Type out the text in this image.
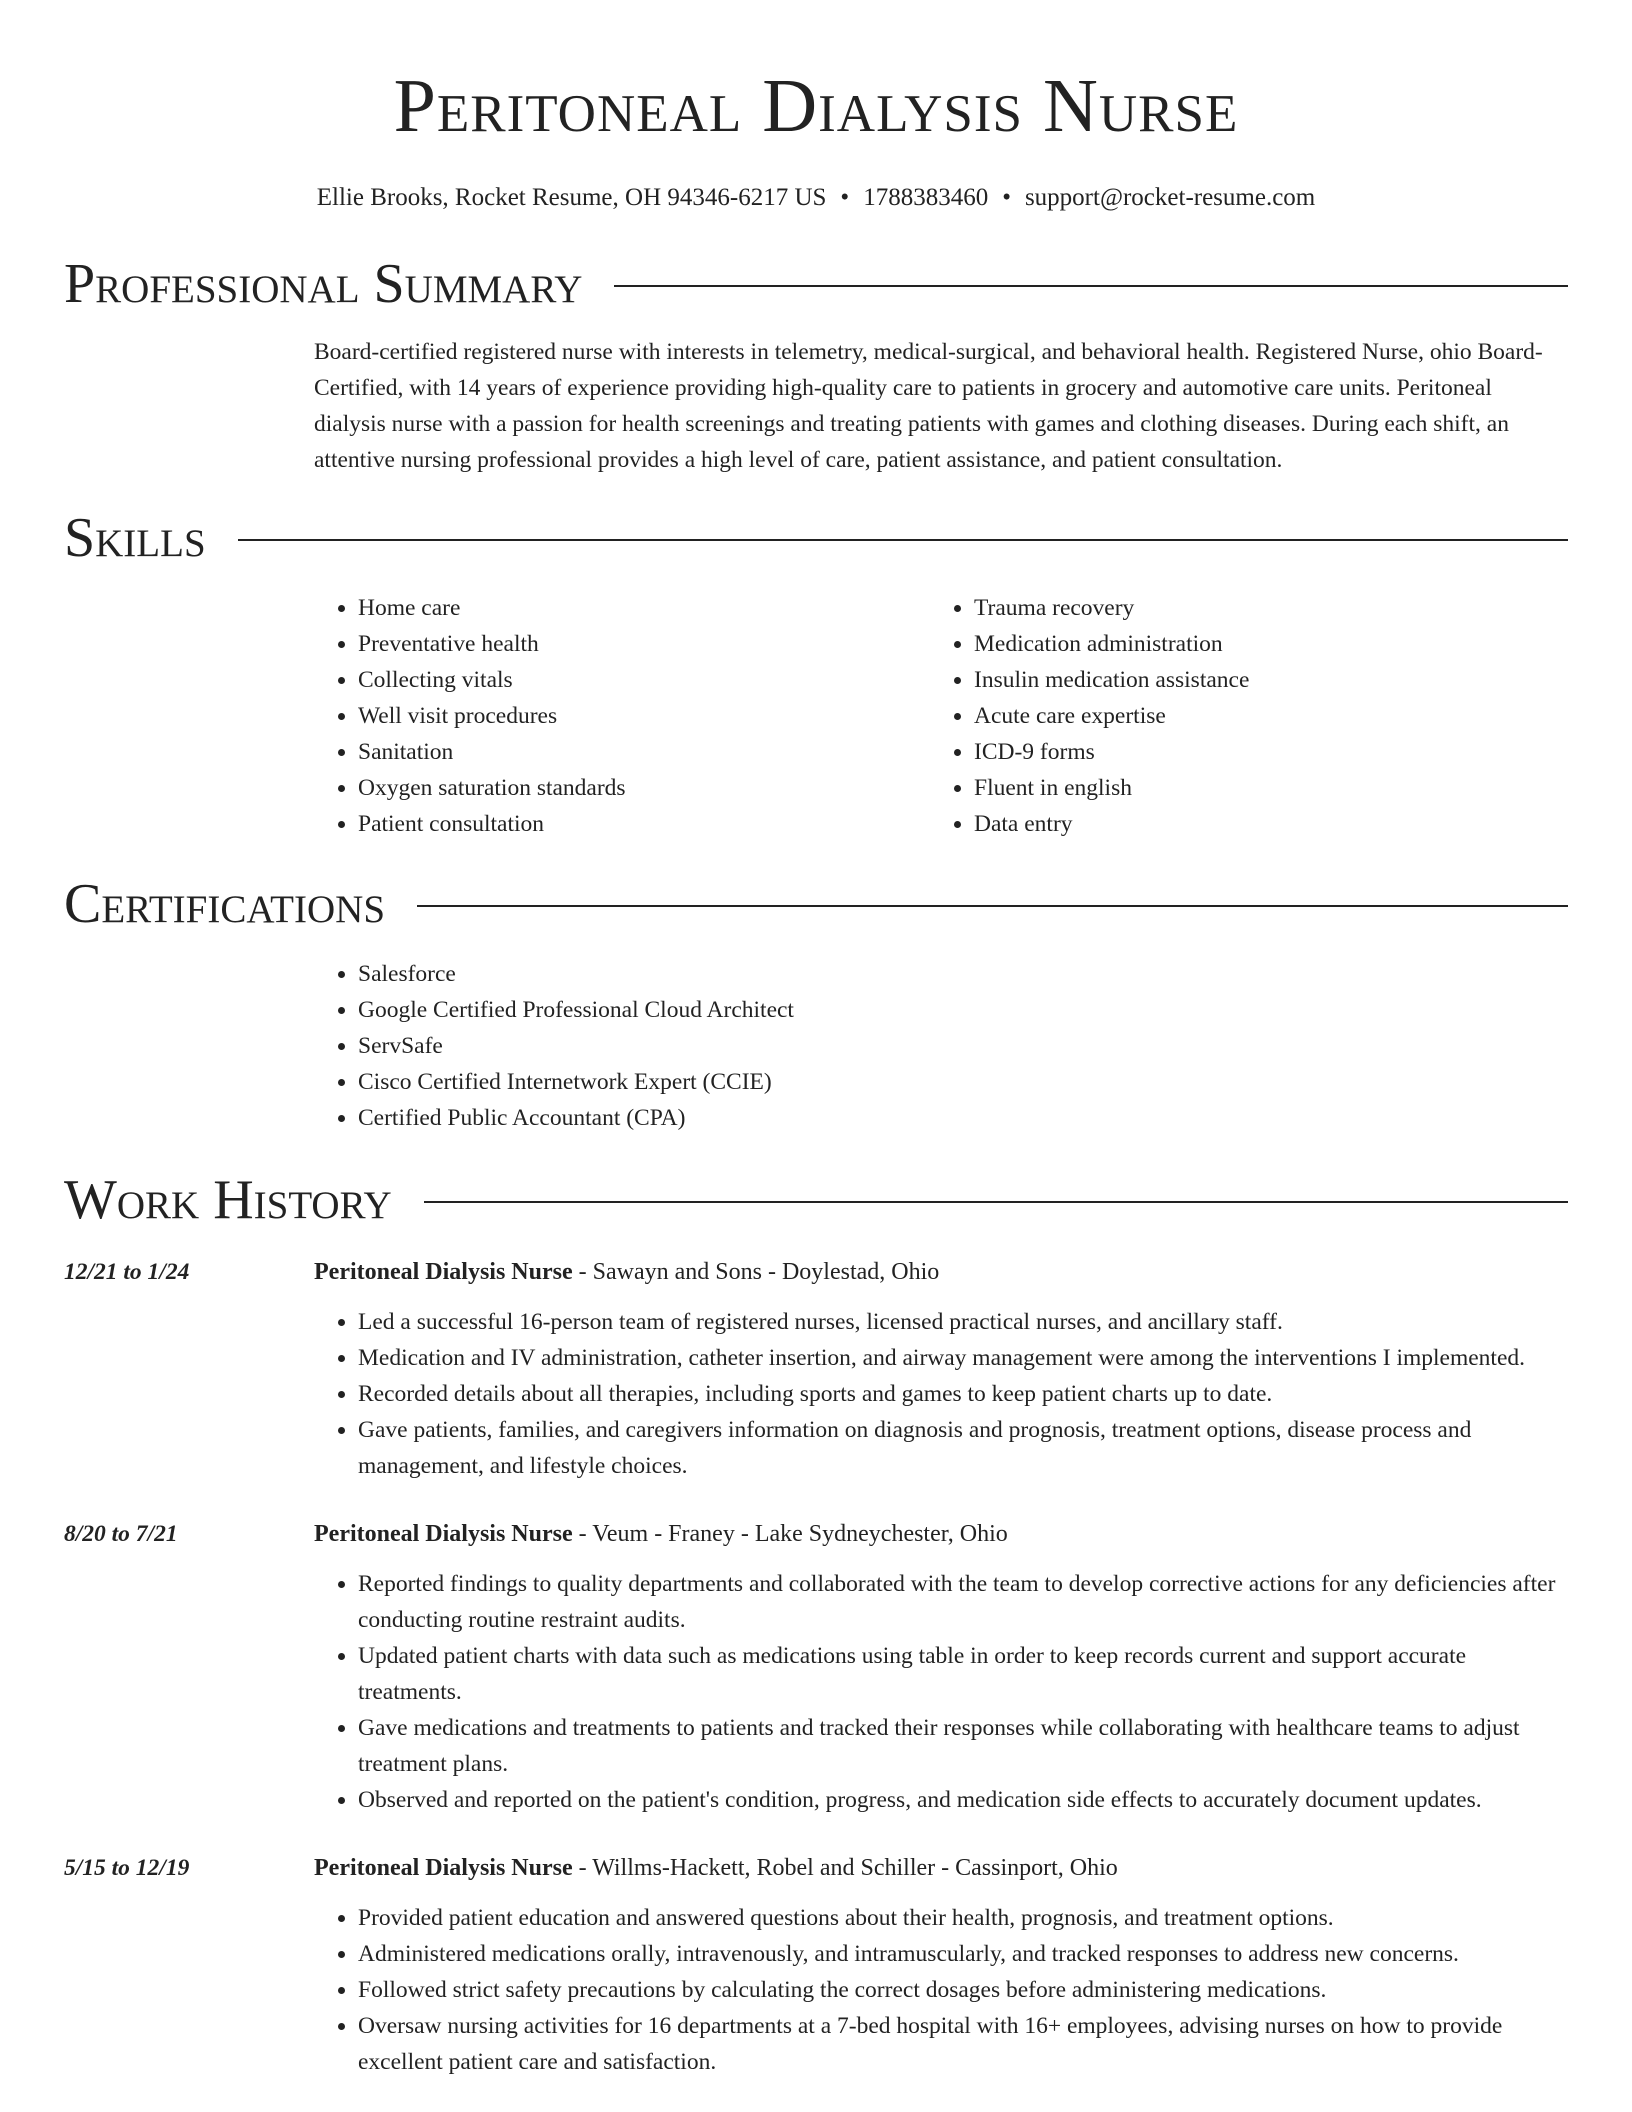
Peritoneal Dialysis Nurse
Ellie Brooks, Rocket Resume, OH 94346-6217 US • 1788383460 • support@rocket-resume.com
Professional Summary
Board-certified registered nurse with interests in telemetry, medical-surgical, and behavioral health. Registered Nurse, ohio Board-Certified, with 14 years of experience providing high-quality care to patients in grocery and automotive care units. Peritoneal dialysis nurse with a passion for health screenings and treating patients with games and clothing diseases. During each shift, an attentive nursing professional provides a high level of care, patient assistance, and patient consultation.
Skills
• Home care
• Preventative health
• Collecting vitals
• Well visit procedures
• Sanitation
• Oxygen saturation standards
• Patient consultation
• Trauma recovery
• Medication administration
• Insulin medication assistance
• Acute care expertise
• ICD-9 forms
• Fluent in english
• Data entry
Certifications
• Salesforce
• Google Certified Professional Cloud Architect
• ServSafe
• Cisco Certified Internetwork Expert (CCIE)
• Certified Public Accountant (CPA)
Work History
12/21 to 1/24	Peritoneal Dialysis Nurse - Sawayn and Sons - Doylestad, Ohio
• Led a successful 16-person team of registered nurses, licensed practical nurses, and ancillary staff.
• Medication and IV administration, catheter insertion, and airway management were among the interventions I implemented.
• Recorded details about all therapies, including sports and games to keep patient charts up to date.
• Gave patients, families, and caregivers information on diagnosis and prognosis, treatment options, disease process and management, and lifestyle choices.
8/20 to 7/21	Peritoneal Dialysis Nurse - Veum - Franey - Lake Sydneychester, Ohio
• Reported findings to quality departments and collaborated with the team to develop corrective actions for any deficiencies after conducting routine restraint audits.
• Updated patient charts with data such as medications using table in order to keep records current and support accurate treatments.
• Gave medications and treatments to patients and tracked their responses while collaborating with healthcare teams to adjust treatment plans.
• Observed and reported on the patient's condition, progress, and medication side effects to accurately document updates.
5/15 to 12/19	Peritoneal Dialysis Nurse - Willms-Hackett, Robel and Schiller - Cassinport, Ohio
• Provided patient education and answered questions about their health, prognosis, and treatment options.
• Administered medications orally, intravenously, and intramuscularly, and tracked responses to address new concerns.
• Followed strict safety precautions by calculating the correct dosages before administering medications.
• Oversaw nursing activities for 16 departments at a 7-bed hospital with 16+ employees, advising nurses on how to provide excellent patient care and satisfaction.
